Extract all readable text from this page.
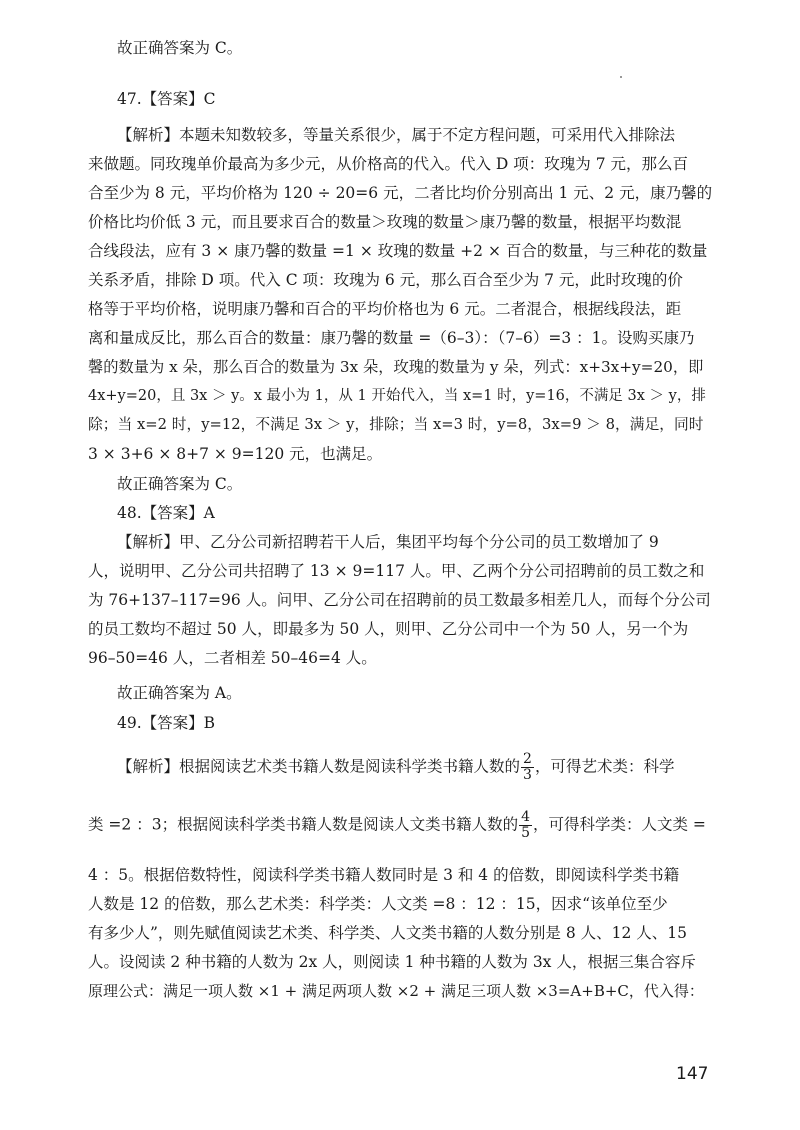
故正确答案为 C。
47.【答案】C
【解析】本题未知数较多，等量关系很少，属于不定方程问题，可采用代入排除法
来做题。同玫瑰单价最高为多少元，从价格高的代入。代入 D 项：玫瑰为 7 元，那么百
合至少为 8 元，平均价格为 120 ÷ 20=6 元，二者比均价分别高出 1 元、2 元，康乃馨的
价格比均价低 3 元，而且要求百合的数量＞玫瑰的数量＞康乃馨的数量，根据平均数混
合线段法，应有 3 × 康乃馨的数量 =1 × 玫瑰的数量 +2 × 百合的数量，与三种花的数量
关系矛盾，排除 D 项。代入 C 项：玫瑰为 6 元，那么百合至少为 7 元，此时玫瑰的价
格等于平均价格，说明康乃馨和百合的平均价格也为 6 元。二者混合，根据线段法，距
离和量成反比，那么百合的数量：康乃馨的数量 =（6–3）：（7–6）=3 ：1。设购买康乃
馨的数量为 x 朵，那么百合的数量为 3x 朵，玫瑰的数量为 y 朵，列式：x+3x+y=20，即
4x+y=20，且 3x ＞ y。x 最小为 1，从 1 开始代入，当 x=1 时，y=16，不满足 3x ＞ y，排
除；当 x=2 时，y=12，不满足 3x ＞ y，排除；当 x=3 时，y=8，3x=9 ＞ 8，满足，同时
3 × 3+6 × 8+7 × 9=120 元，也满足。
故正确答案为 C。
48.【答案】A
【解析】甲、乙分公司新招聘若干人后，集团平均每个分公司的员工数增加了 9
人，说明甲、乙分公司共招聘了 13 × 9=117 人。甲、乙两个分公司招聘前的员工数之和
为 76+137–117=96 人。问甲、乙分公司在招聘前的员工数最多相差几人，而每个分公司
的员工数均不超过 50 人，即最多为 50 人，则甲、乙分公司中一个为 50 人，另一个为
96–50=46 人，二者相差 50–46=4 人。
故正确答案为 A。
49.【答案】B
【解析】根据阅读艺术类书籍人数是阅读科学类书籍人数的 $\frac{2}{3}$ ，可得艺术类：科学
类 =2 ：3；根据阅读科学类书籍人数是阅读人文类书籍人数的 $\frac{4}{5}$ ，可得科学类：人文类 =
4 ：5。根据倍数特性，阅读科学类书籍人数同时是 3 和 4 的倍数，即阅读科学类书籍
人数是 12 的倍数，那么艺术类：科学类：人文类 =8 ：12 ：15，因求“该单位至少
有多少人”，则先赋值阅读艺术类、科学类、人文类书籍的人数分别是 8 人、12 人、15
人。设阅读 2 种书籍的人数为 2x 人，则阅读 1 种书籍的人数为 3x 人，根据三集合容斥
原理公式：满足一项人数 ×1 + 满足两项人数 ×2 + 满足三项人数 ×3=A+B+C，代入得：
147
